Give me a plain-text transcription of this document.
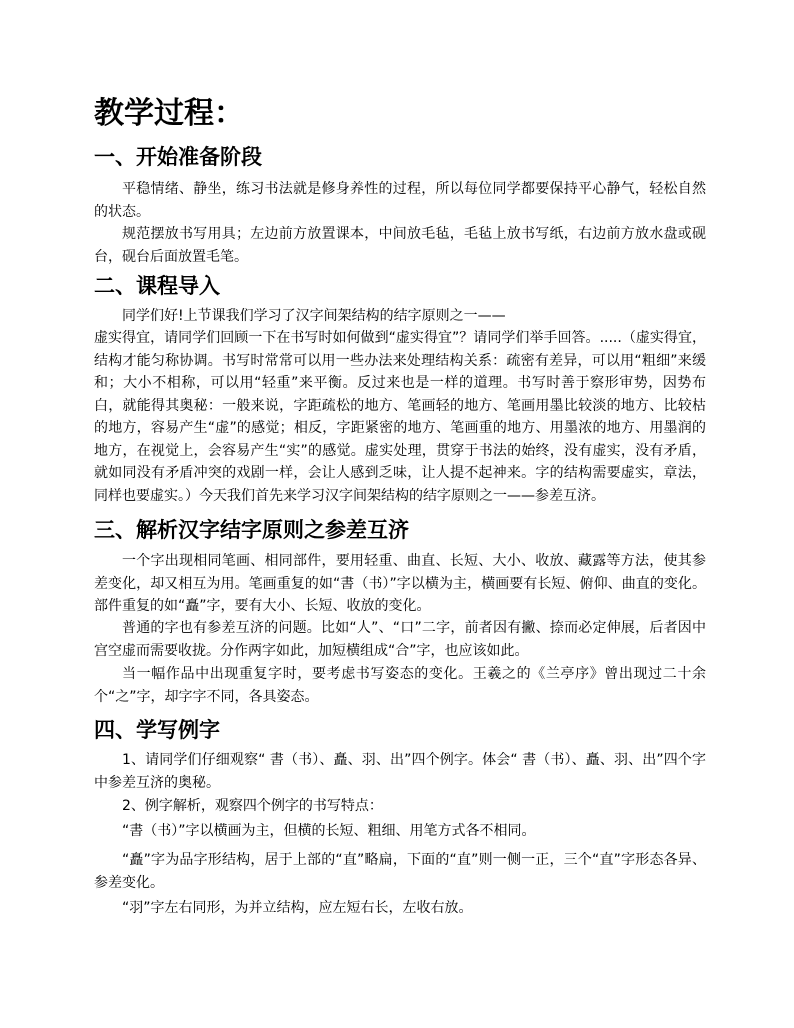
教学过程：
一、开始准备阶段

平稳情绪、静坐，练习书法就是修身养性的过程，所以每位同学都要保持平心静气，轻松自然的状态。

规范摆放书写用具；左边前方放置课本，中间放毛毡，毛毡上放书写纸，右边前方放水盘或砚台，砚台后面放置毛笔。

二、课程导入

同学们好!上节课我们学习了汉字间架结构的结字原则之一——

虚实得宜，请同学们回顾一下在书写时如何做到“虚实得宜”？请同学们举手回答。.....（虚实得宜，结构才能匀称协调。书写时常常可以用一些办法来处理结构关系：疏密有差异，可以用“粗细”来缓和；大小不相称，可以用“轻重”来平衡。反过来也是一样的道理。书写时善于察形审势，因势布白，就能得其奥秘：一般来说，字距疏松的地方、笔画轻的地方、笔画用墨比较淡的地方、比较枯的地方，容易产生“虚”的感觉；相反，字距紧密的地方、笔画重的地方、用墨浓的地方、用墨润的地方，在视觉上，会容易产生“实”的感觉。虚实处理，贯穿于书法的始终，没有虚实，没有矛盾，就如同没有矛盾冲突的戏剧一样，会让人感到乏味，让人提不起神来。字的结构需要虚实，章法，同样也要虚实。）今天我们首先来学习汉字间架结构的结字原则之一——参差互济。

三、解析汉字结字原则之参差互济

一个字出现相同笔画、相同部件，要用轻重、曲直、长短、大小、收放、藏露等方法，使其参差变化，却又相互为用。笔画重复的如“書（书）”字以横为主，横画要有长短、俯仰、曲直的变化。部件重复的如“矗”字，要有大小、长短、收放的变化。

普通的字也有参差互济的问题。比如“人”、“口”二字，前者因有撇、捺而必定伸展，后者因中宫空虚而需要收拢。分作两字如此，加短横组成“合”字，也应该如此。

当一幅作品中出现重复字时，要考虑书写姿态的变化。王羲之的《兰亭序》曾出现过二十余个“之”字，却字字不同，各具姿态。

四、学写例字

1、请同学们仔细观察“ 書（书）、矗、羽、出”四个例字。体会“ 書（书）、矗、羽、出”四个字中参差互济的奥秘。

2、例字解析，观察四个例字的书写特点：

“書（书）”字以横画为主，但横的长短、粗细、用笔方式各不相同。

“矗”字为品字形结构，居于上部的“直”略扁，下面的“直”则一侧一正，三个“直”字形态各异、参差变化。

“羽”字左右同形，为并立结构，应左短右长，左收右放。
